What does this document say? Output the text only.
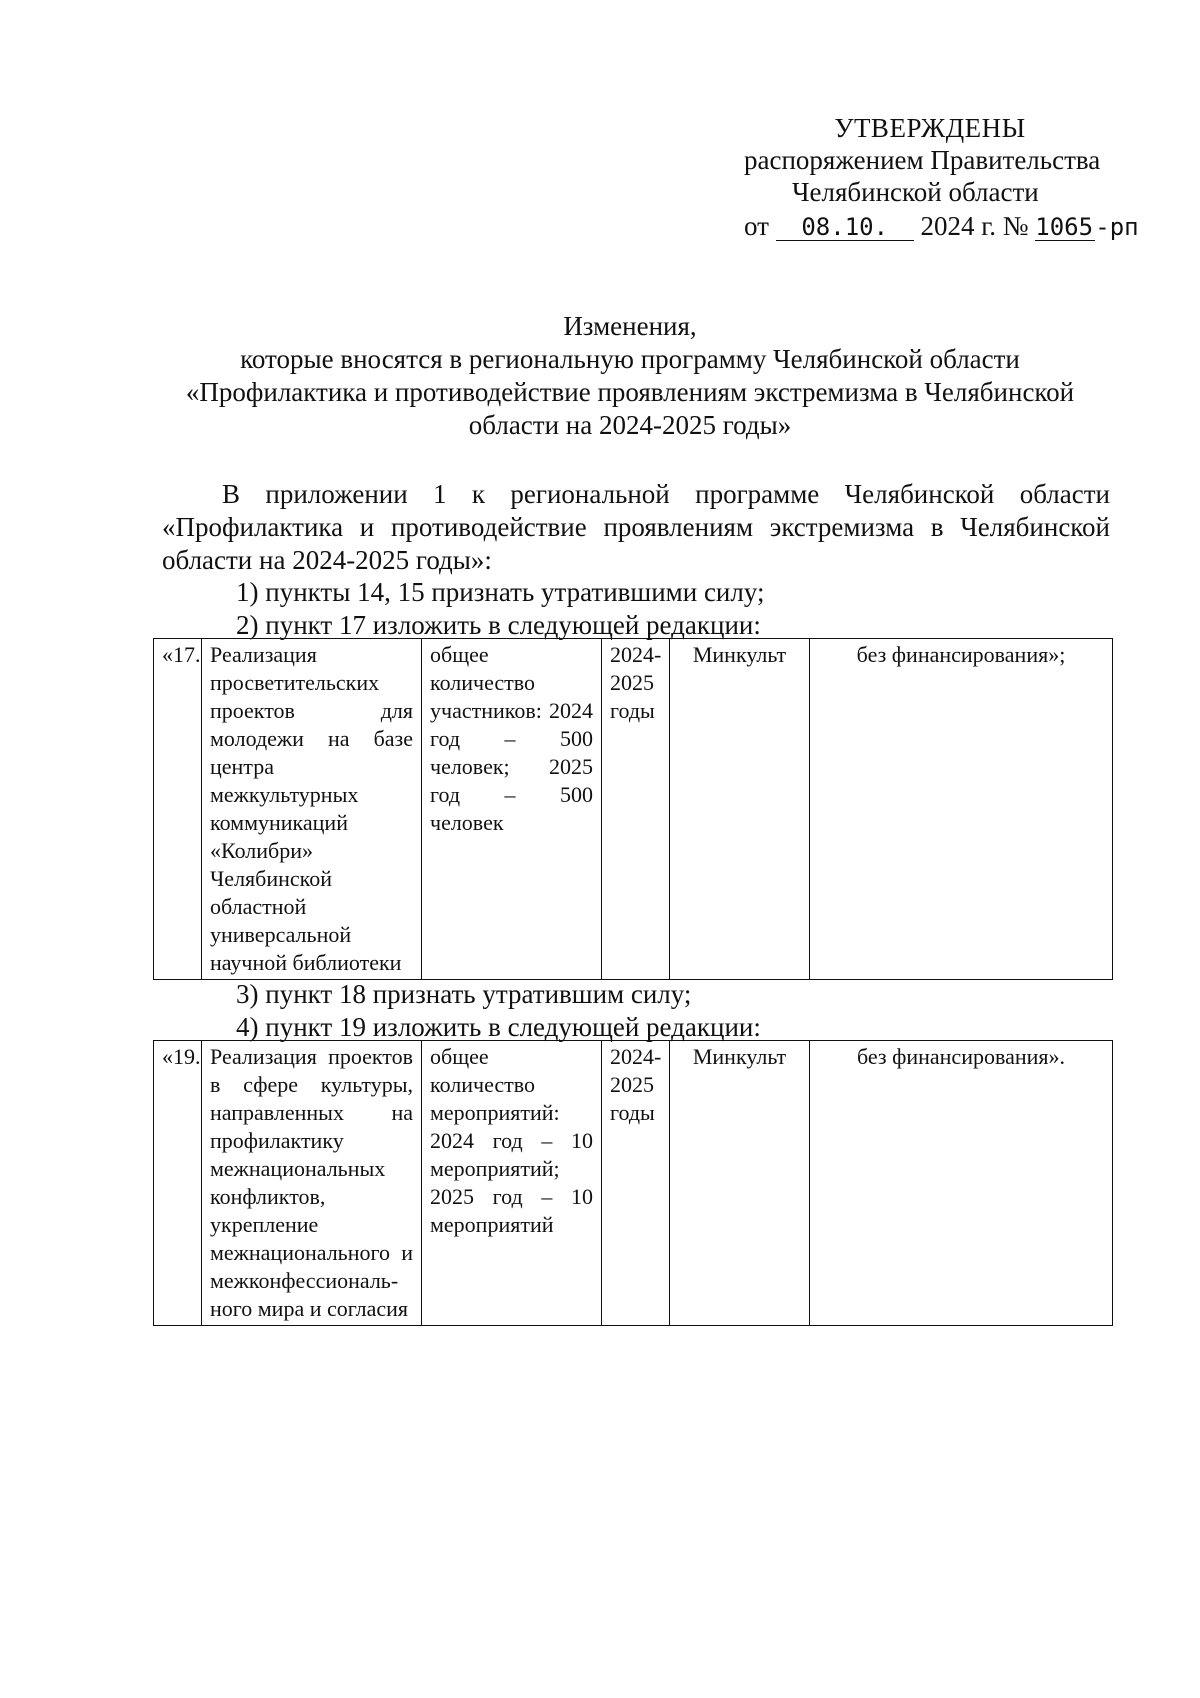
УТВЕРЖДЕНЫ
распоряжением Правительства
Челябинской области
от 08.10. 2024 г. № 1065-рп
Изменения,
которые вносятся в региональную программу Челябинской области
«Профилактика и противодействие проявлениям экстремизма в Челябинской
области на 2024-2025 годы»
В приложении 1 к региональной программе Челябинской области «Профилактика и противодействие проявлениям экстремизма в Челябинской области на 2024-2025 годы»:
1) пункты 14, 15 признать утратившими силу;
2) пункт 17 изложить в следующей редакции:
«17.	Реализация просветительских проектов для молодежи на базе центра межкультурных коммуникаций «Колибри» Челябинской областной универсальной научной библиотеки	общее количество участников: 2024 год – 500 человек; 2025 год – 500 человек	2024-2025 годы	Минкульт	без финансирования»;
3) пункт 18 признать утратившим силу;
4) пункт 19 изложить в следующей редакции:
«19.	Реализация проектов в сфере культуры, направленных на профилактику межнациональных конфликтов, укрепление межнационального и межконфессиональ-ного мира и согласия	общее количество мероприятий: 2024 год – 10 мероприятий; 2025 год – 10 мероприятий	2024-2025 годы	Минкульт	без финансирования».
